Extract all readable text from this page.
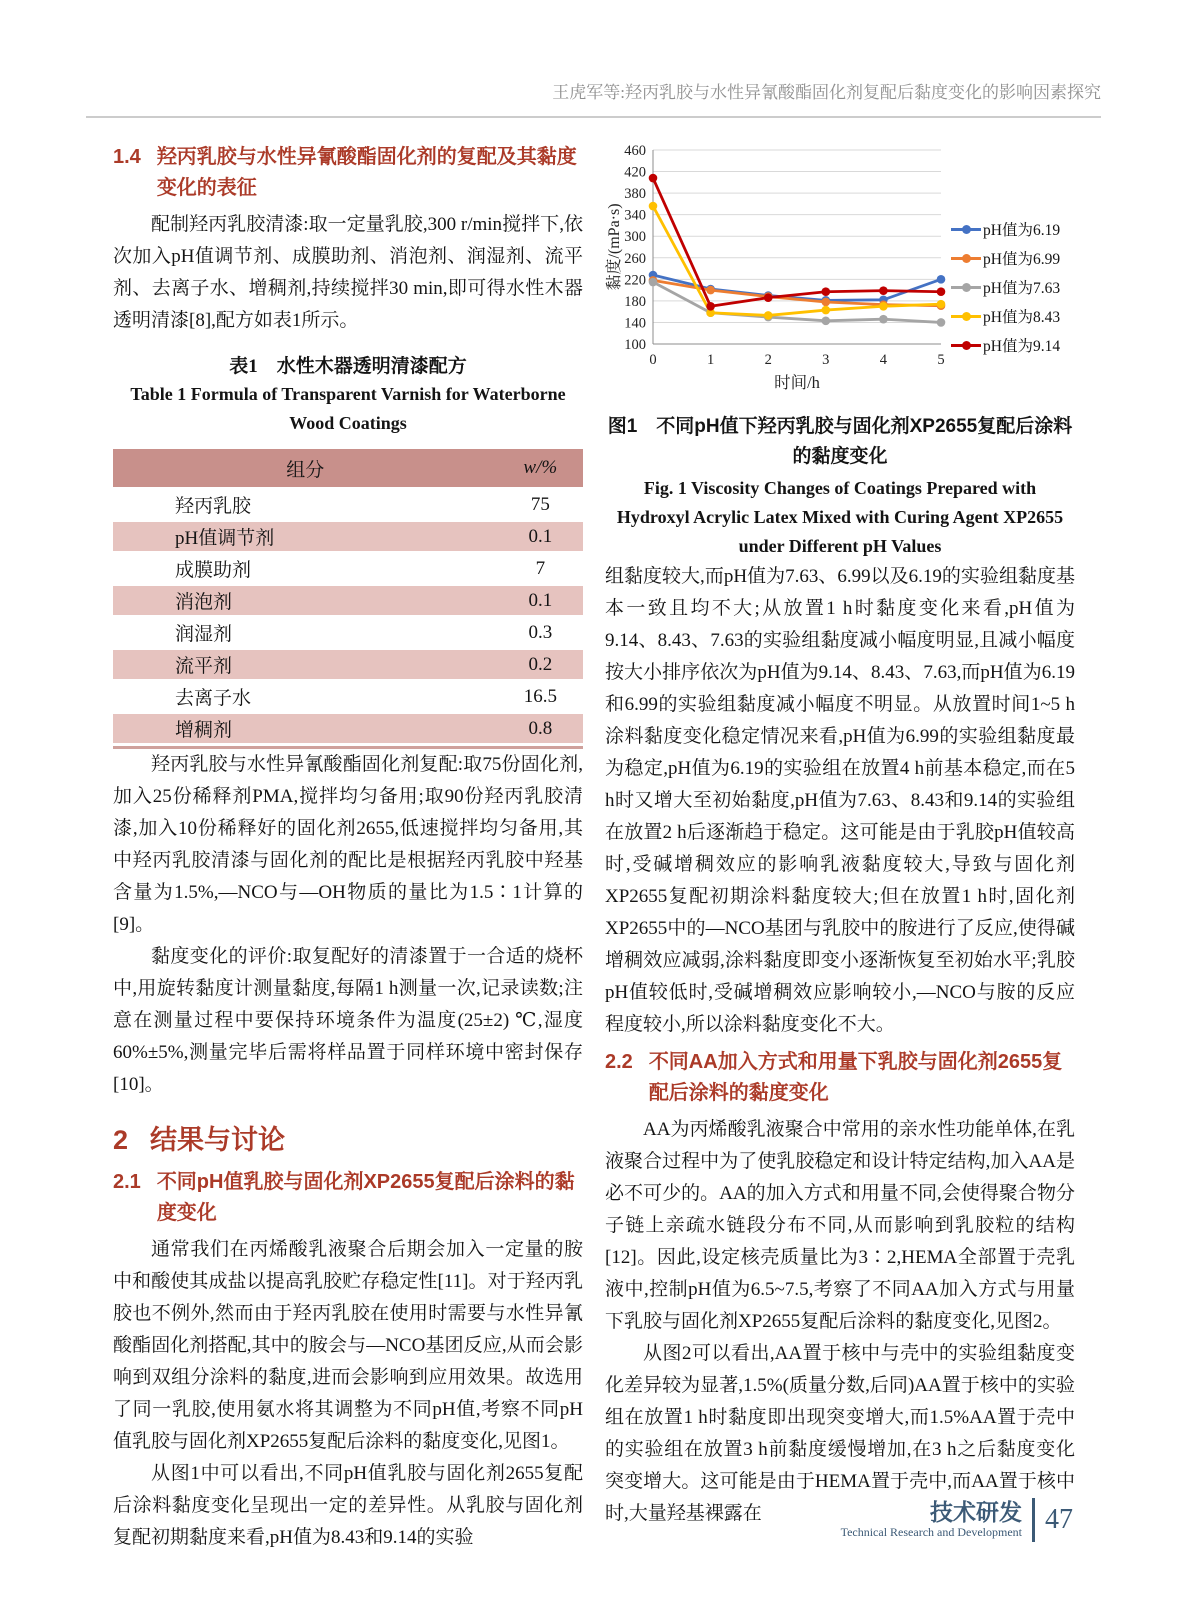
王虎军等:羟丙乳胶与水性异氰酸酯固化剂复配后黏度变化的影响因素探究
1.4 羟丙乳胶与水性异氰酸酯固化剂的复配及其黏度变化的表征

配制羟丙乳胶清漆:取一定量乳胶,300 r/min搅拌下,依次加入pH值调节剂、成膜助剂、消泡剂、润湿剂、流平剂、去离子水、增稠剂,持续搅拌30 min,即可得水性木器透明清漆[8],配方如表1所示。

表1　水性木器透明清漆配方
Table 1 Formula of Transparent Varnish for Waterborne
Wood Coatings
组分	w/%
羟丙乳胶	75
pH值调节剂	0.1
成膜助剂	7
消泡剂	0.1
润湿剂	0.3
流平剂	0.2
去离子水	16.5
增稠剂	0.8

羟丙乳胶与水性异氰酸酯固化剂复配:取75份固化剂,加入25份稀释剂PMA,搅拌均匀备用;取90份羟丙乳胶清漆,加入10份稀释好的固化剂2655,低速搅拌均匀备用,其中羟丙乳胶清漆与固化剂的配比是根据羟丙乳胶中羟基含量为1.5%,—NCO与—OH物质的量比为1.5∶1计算的[9]。

黏度变化的评价:取复配好的清漆置于一合适的烧杯中,用旋转黏度计测量黏度,每隔1 h测量一次,记录读数;注意在测量过程中要保持环境条件为温度(25±2) ℃,湿度60%±5%,测量完毕后需将样品置于同样环境中密封保存[10]。

2 结果与讨论
2.1 不同pH值乳胶与固化剂XP2655复配后涂料的黏度变化

通常我们在丙烯酸乳液聚合后期会加入一定量的胺中和酸使其成盐以提高乳胶贮存稳定性[11]。对于羟丙乳胶也不例外,然而由于羟丙乳胶在使用时需要与水性异氰酸酯固化剂搭配,其中的胺会与—NCO基团反应,从而会影响到双组分涂料的黏度,进而会影响到应用效果。故选用了同一乳胶,使用氨水将其调整为不同pH值,考察不同pH值乳胶与固化剂XP2655复配后涂料的黏度变化,见图1。

从图1中可以看出,不同pH值乳胶与固化剂2655复配后涂料黏度变化呈现出一定的差异性。从乳胶与固化剂复配初期黏度来看,pH值为8.43和9.14的实验

100
140
180
220
260
300
340
380
420
460
0	1	2	3	4	5
黏度/(mPa·s)
时间/h
pH值为6.19
pH值为6.99
pH值为7.63
pH值为8.43
pH值为9.14
图1　不同pH值下羟丙乳胶与固化剂XP2655复配后涂料的黏度变化
Fig. 1 Viscosity Changes of Coatings Prepared with Hydroxyl Acrylic Latex Mixed with Curing Agent XP2655 under Different pH Values

组黏度较大,而pH值为7.63、6.99以及6.19的实验组黏度基本一致且均不大;从放置1 h时黏度变化来看,pH值为9.14、8.43、7.63的实验组黏度减小幅度明显,且减小幅度按大小排序依次为pH值为9.14、8.43、7.63,而pH值为6.19和6.99的实验组黏度减小幅度不明显。从放置时间1~5 h涂料黏度变化稳定情况来看,pH值为6.99的实验组黏度最为稳定,pH值为6.19的实验组在放置4 h前基本稳定,而在5 h时又增大至初始黏度,pH值为7.63、8.43和9.14的实验组在放置2 h后逐渐趋于稳定。这可能是由于乳胶pH值较高时,受碱增稠效应的影响乳液黏度较大,导致与固化剂XP2655复配初期涂料黏度较大;但在放置1 h时,固化剂XP2655中的—NCO基团与乳胶中的胺进行了反应,使得碱增稠效应减弱,涂料黏度即变小逐渐恢复至初始水平;乳胶pH值较低时,受碱增稠效应影响较小,—NCO与胺的反应程度较小,所以涂料黏度变化不大。

2.2 不同AA加入方式和用量下乳胶与固化剂2655复配后涂料的黏度变化

AA为丙烯酸乳液聚合中常用的亲水性功能单体,在乳液聚合过程中为了使乳胶稳定和设计特定结构,加入AA是必不可少的。AA的加入方式和用量不同,会使得聚合物分子链上亲疏水链段分布不同,从而影响到乳胶粒的结构[12]。因此,设定核壳质量比为3∶2,HEMA全部置于壳乳液中,控制pH值为6.5~7.5,考察了不同AA加入方式与用量下乳胶与固化剂XP2655复配后涂料的黏度变化,见图2。

从图2可以看出,AA置于核中与壳中的实验组黏度变化差异较为显著,1.5%(质量分数,后同)AA置于核中的实验组在放置1 h时黏度即出现突变增大,而1.5%AA置于壳中的实验组在放置3 h前黏度缓慢增加,在3 h之后黏度变化突变增大。这可能是由于HEMA置于壳中,而AA置于核中时,大量羟基裸露在	技术研发
Technical Research and Development 47
